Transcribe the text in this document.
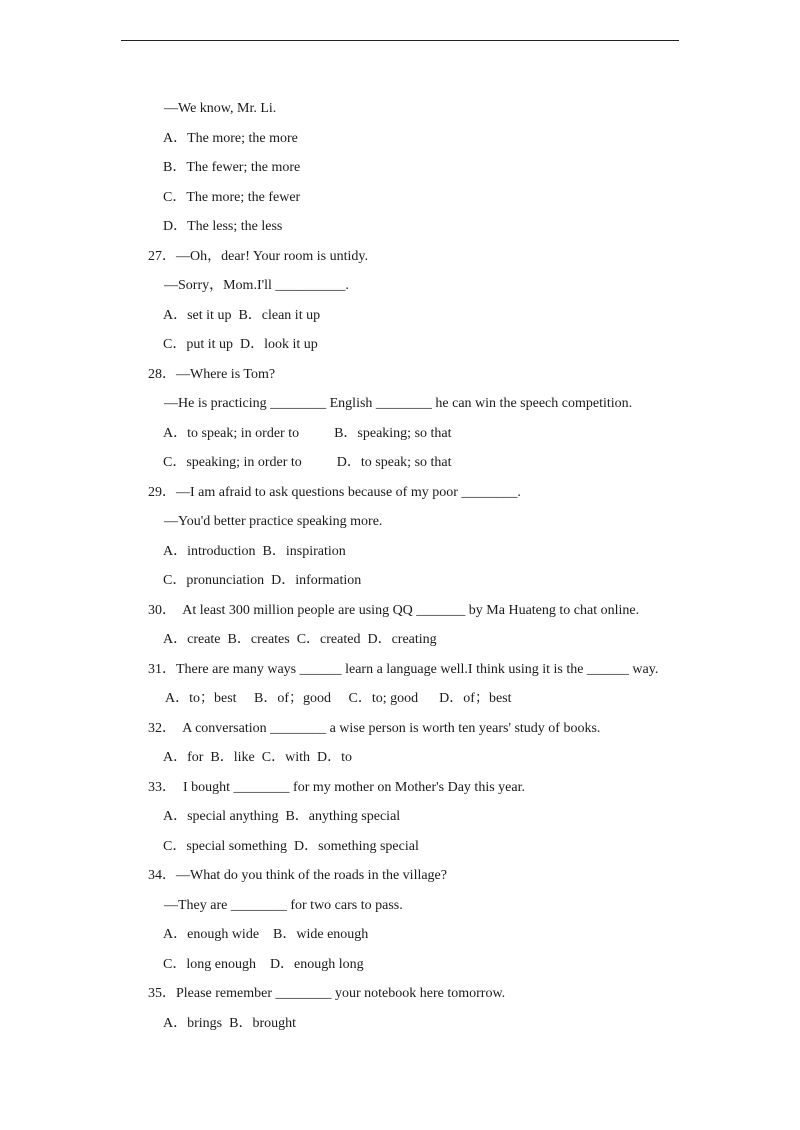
—We know, Mr. Li.
A．The more; the more
B．The fewer; the more
C．The more; the fewer
D．The less; the less
27．—Oh，dear! Your room is untidy.
—Sorry，Mom.I'll __________.
A．set it up  B．clean it up
C．put it up  D．look it up
28．—Where is Tom?
—He is practicing ________ English ________ he can win the speech competition.
A．to speak; in order to          B．speaking; so that
C．speaking; in order to          D．to speak; so that
29．—I am afraid to ask questions because of my poor ________.
—You'd better practice speaking more.
A．introduction  B．inspiration
C．pronunciation  D．information
30．  At least 300 million people are using QQ _______ by Ma Huateng to chat online.
A．create  B．creates  C．created  D．creating
31．There are many ways ______ learn a language well.I think using it is the ______ way.
A．to；best     B．of；good     C．to; good      D．of；best
32．  A conversation ________ a wise person is worth ten years' study of books.
A．for  B．like  C．with  D．to
33．  I bought ________ for my mother on Mother's Day this year.
A．special anything  B．anything special
C．special something  D．something special
34．—What do you think of the roads in the village?
—They are ________ for two cars to pass.
A．enough wide    B．wide enough
C．long enough    D．enough long
35．Please remember ________ your notebook here tomorrow.
A．brings  B．brought
